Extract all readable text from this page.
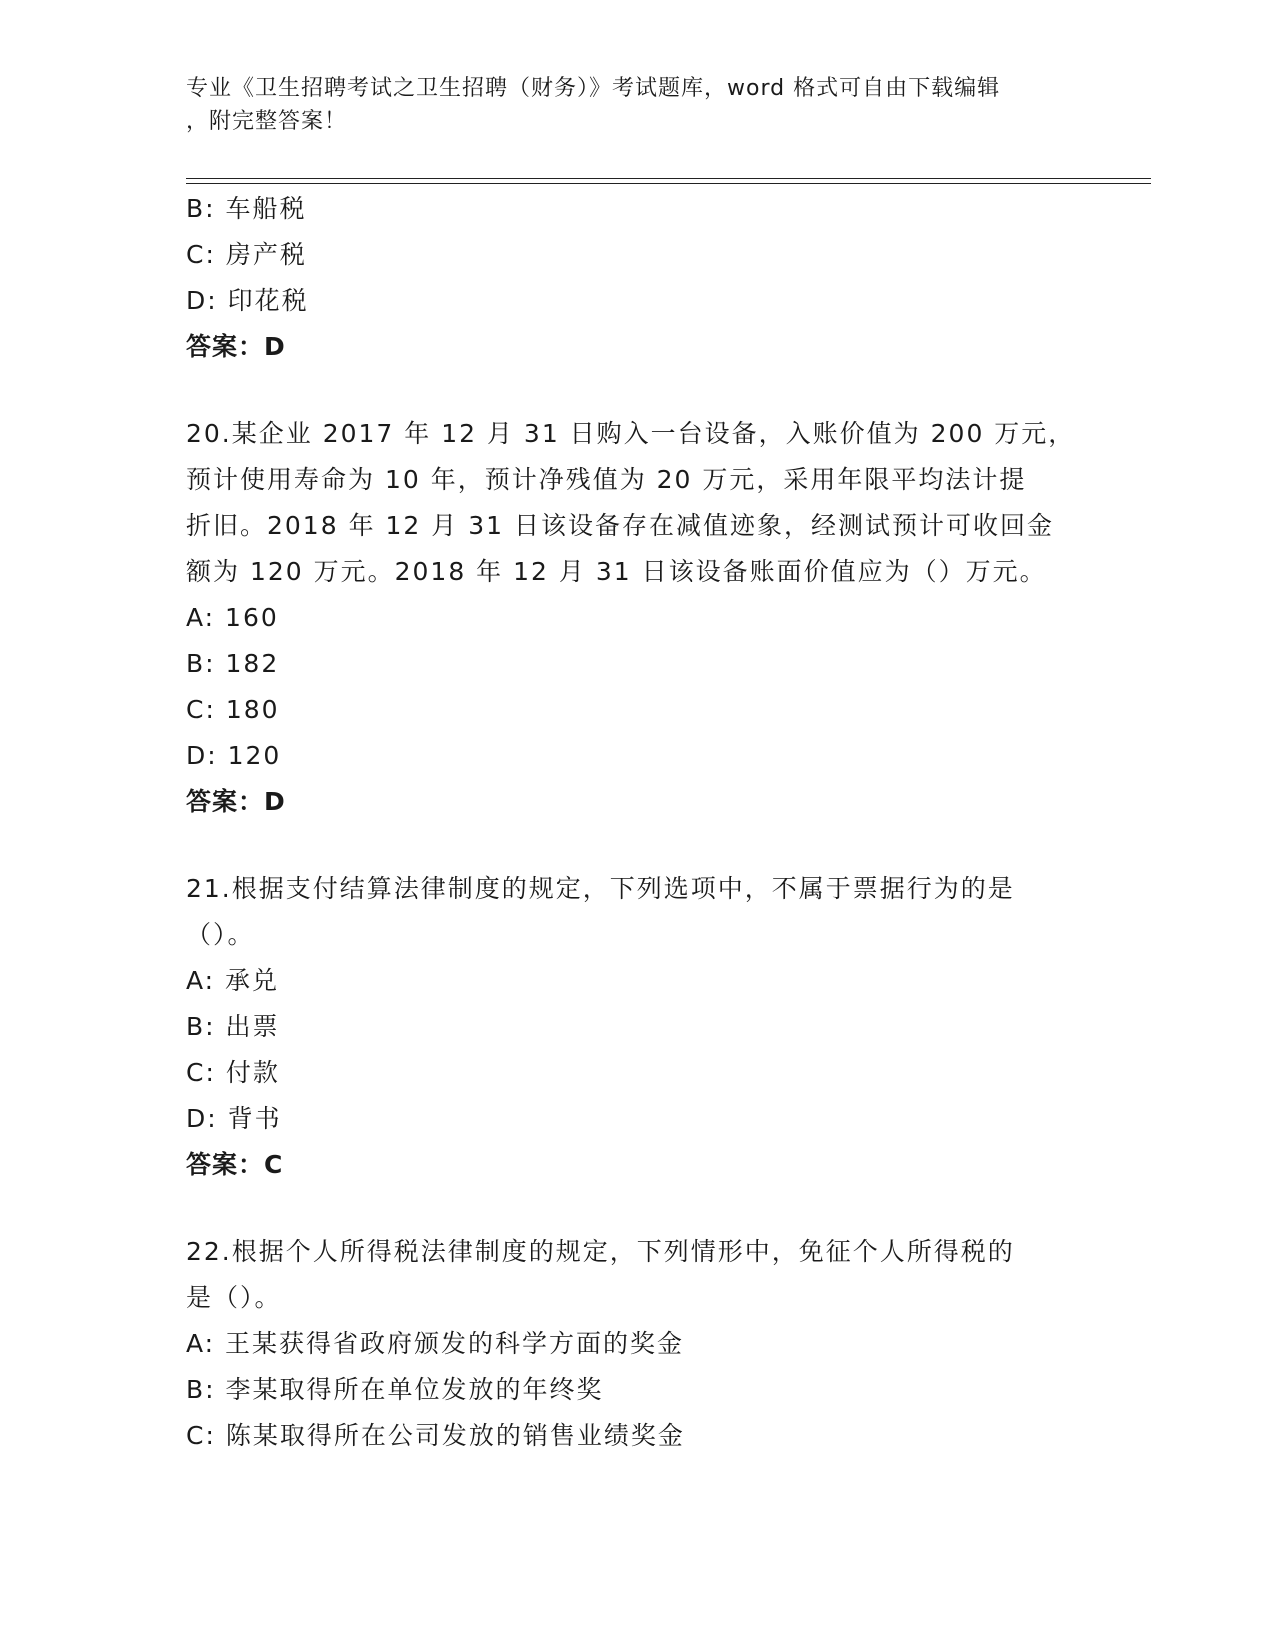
专业《卫生招聘考试之卫生招聘（财务）》考试题库，word 格式可自由下载编辑
，附完整答案！
B: 车船税
C: 房产税
D: 印花税
答案：D
20.某企业 2017 年 12 月 31 日购入一台设备，入账价值为 200 万元，
预计使用寿命为 10 年，预计净残值为 20 万元，采用年限平均法计提
折旧。2018 年 12 月 31 日该设备存在减值迹象，经测试预计可收回金
额为 120 万元。2018 年 12 月 31 日该设备账面价值应为（）万元。
A: 160
B: 182
C: 180
D: 120
答案：D
21.根据支付结算法律制度的规定，下列选项中，不属于票据行为的是
（）。
A: 承兑
B: 出票
C: 付款
D: 背书
答案：C
22.根据个人所得税法律制度的规定，下列情形中，免征个人所得税的
是（）。
A: 王某获得省政府颁发的科学方面的奖金
B: 李某取得所在单位发放的年终奖
C: 陈某取得所在公司发放的销售业绩奖金
